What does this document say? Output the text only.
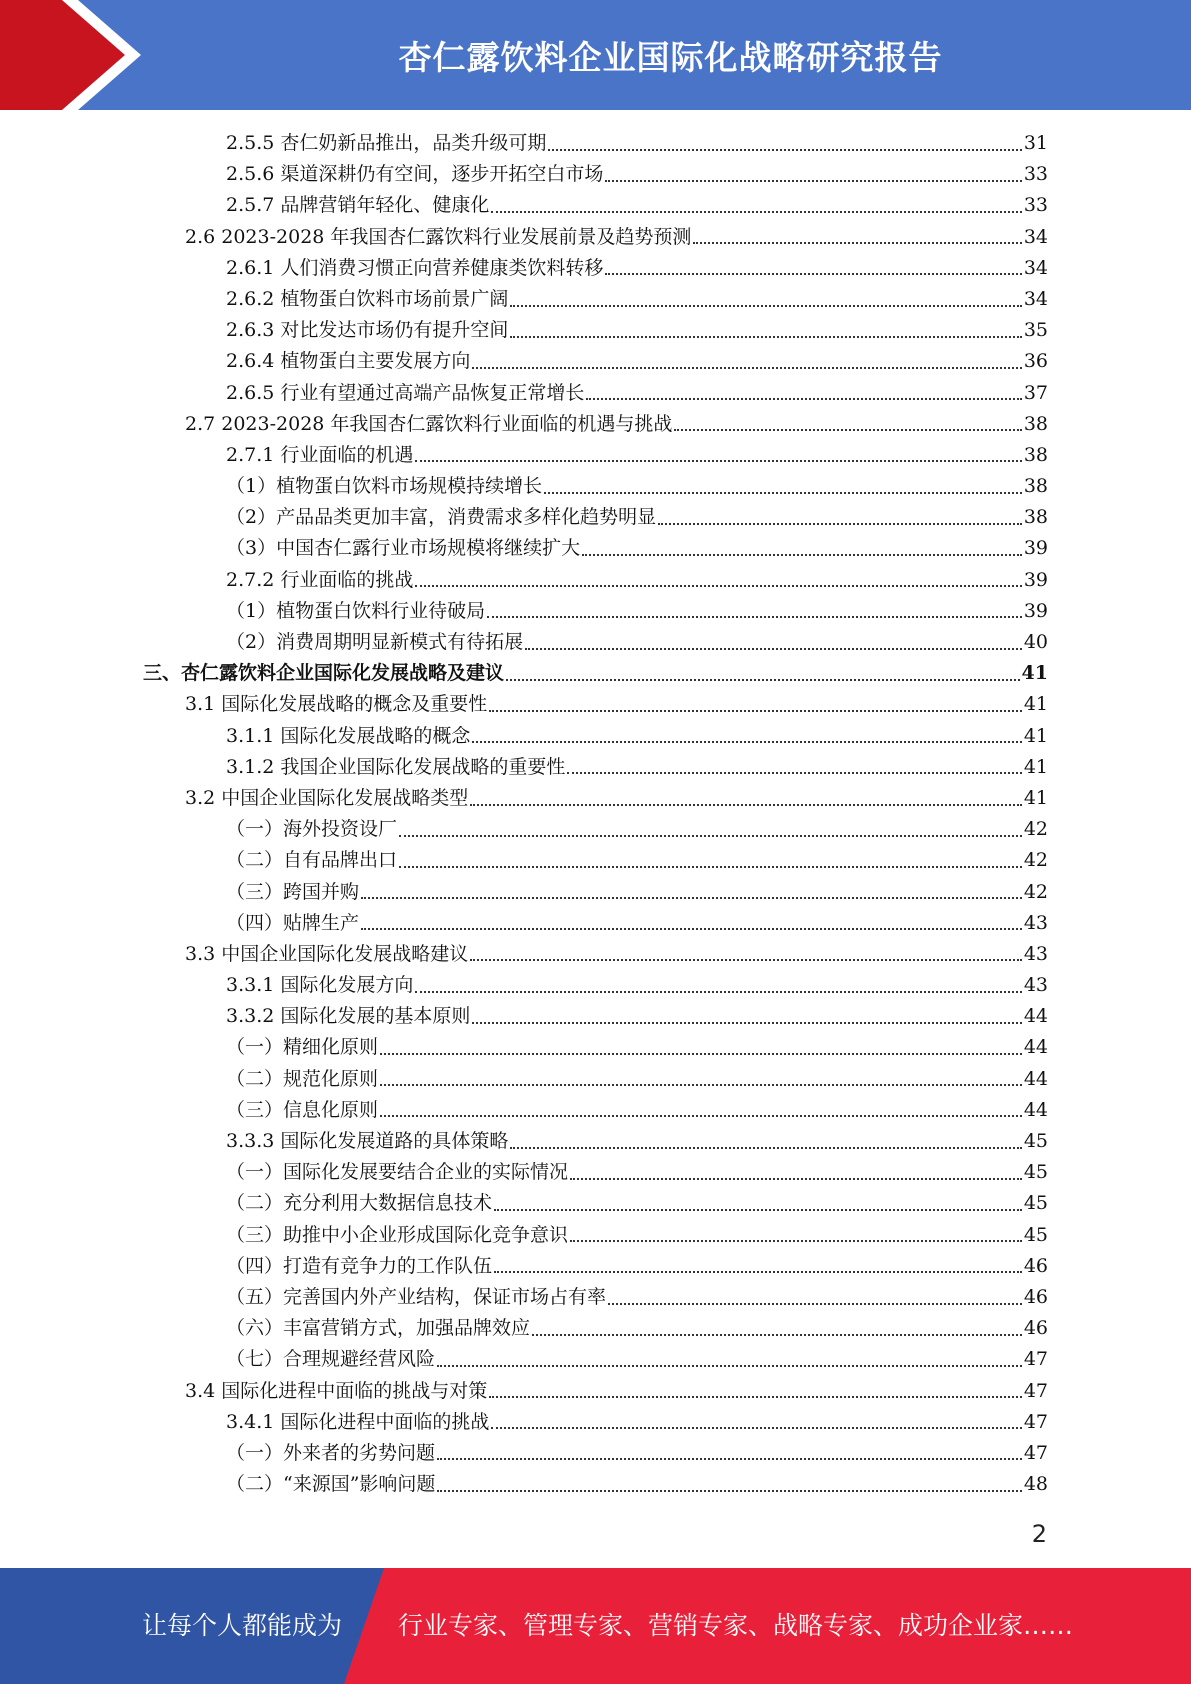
杏仁露饮料企业国际化战略研究报告
2.5.5 杏仁奶新品推出，品类升级可期	31
2.5.6 渠道深耕仍有空间，逐步开拓空白市场	33
2.5.7 品牌营销年轻化、健康化	33
2.6 2023-2028 年我国杏仁露饮料行业发展前景及趋势预测	34
2.6.1 人们消费习惯正向营养健康类饮料转移	34
2.6.2 植物蛋白饮料市场前景广阔	34
2.6.3 对比发达市场仍有提升空间	35
2.6.4 植物蛋白主要发展方向	36
2.6.5 行业有望通过高端产品恢复正常增长	37
2.7 2023-2028 年我国杏仁露饮料行业面临的机遇与挑战	38
2.7.1 行业面临的机遇	38
（1）植物蛋白饮料市场规模持续增长	38
（2）产品品类更加丰富，消费需求多样化趋势明显	38
（3）中国杏仁露行业市场规模将继续扩大	39
2.7.2 行业面临的挑战	39
（1）植物蛋白饮料行业待破局	39
（2）消费周期明显新模式有待拓展	40
三、杏仁露饮料企业国际化发展战略及建议	41
3.1 国际化发展战略的概念及重要性	41
3.1.1 国际化发展战略的概念	41
3.1.2 我国企业国际化发展战略的重要性	41
3.2 中国企业国际化发展战略类型	41
（一）海外投资设厂	42
（二）自有品牌出口	42
（三）跨国并购	42
（四）贴牌生产	43
3.3 中国企业国际化发展战略建议	43
3.3.1 国际化发展方向	43
3.3.2 国际化发展的基本原则	44
（一）精细化原则	44
（二）规范化原则	44
（三）信息化原则	44
3.3.3 国际化发展道路的具体策略	45
（一）国际化发展要结合企业的实际情况	45
（二）充分利用大数据信息技术	45
（三）助推中小企业形成国际化竞争意识	45
（四）打造有竞争力的工作队伍	46
（五）完善国内外产业结构，保证市场占有率	46
（六）丰富营销方式，加强品牌效应	46
（七）合理规避经营风险	47
3.4 国际化进程中面临的挑战与对策	47
3.4.1 国际化进程中面临的挑战	47
（一）外来者的劣势问题	47
（二）“来源国”影响问题	48
2
让每个人都能成为 行业专家、管理专家、营销专家、战略专家、成功企业家……
